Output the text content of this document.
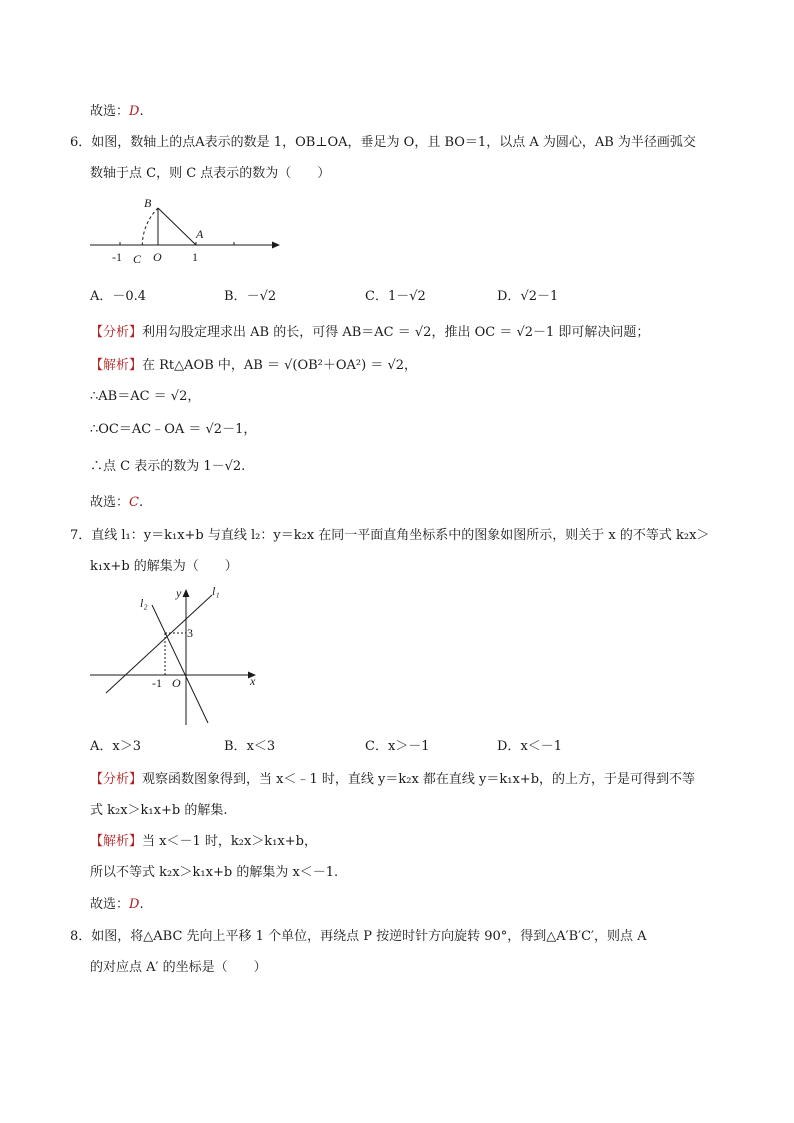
故选：D.
6．如图，数轴上的点A表示的数是 1，OB⊥OA，垂足为 O，且 BO＝1，以点 A 为圆心，AB 为半径画弧交
数轴于点 C，则 C 点表示的数为（　　）
B
A
-1 C O	1
A．－0.4	B．－√2	C．1－√2	D．√2－1
【分析】利用勾股定理求出 AB 的长，可得 AB＝AC ＝ √2，推出 OC ＝ √2－1 即可解决问题；
【解析】在 Rt△AOB 中，AB ＝ √(OB²＋OA²) ＝ √2，
∴AB＝AC ＝ √2，
∴OC＝AC﹣OA ＝ √2－1，
∴点 C 表示的数为 1－√2.
故选：C.
7．直线 l₁：y＝k₁x+b 与直线 l₂：y＝k₂x 在同一平面直角坐标系中的图象如图所示，则关于 x 的不等式 k₂x＞
k₁x+b 的解集为（　　）
l₂
y	l₁
3
-1 O	x
A．x＞3	B．x＜3	C．x＞－1	D．x＜－1
【分析】观察函数图象得到，当 x＜﹣1 时，直线 y＝k₂x 都在直线 y＝k₁x+b，的上方，于是可得到不等
式 k₂x＞k₁x+b 的解集.
【解析】当 x＜－1 时，k₂x＞k₁x+b，
所以不等式 k₂x＞k₁x+b 的解集为 x＜－1.
故选：D.
8．如图，将△ABC 先向上平移 1 个单位，再绕点 P 按逆时针方向旋转 90°，得到△A′B′C′，则点 A
的对应点 A′ 的坐标是（　　）
